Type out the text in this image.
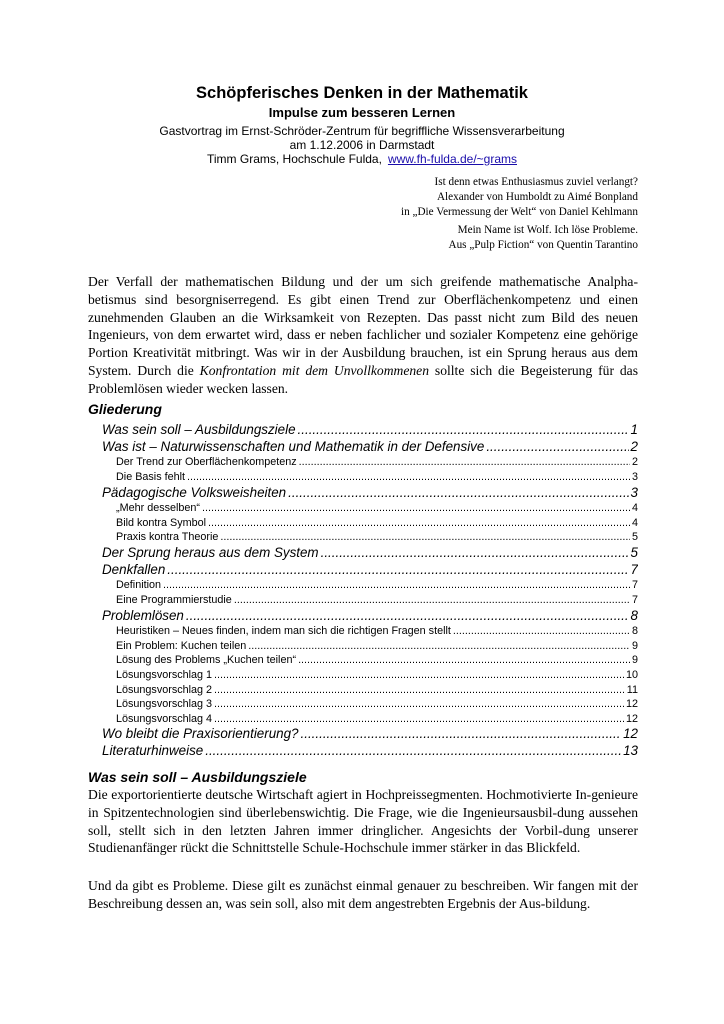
Schöpferisches Denken in der Mathematik
Impulse zum besseren Lernen
Gastvortrag im Ernst-Schröder-Zentrum für begriffliche Wissensverarbeitung
am 1.12.2006 in Darmstadt
Timm Grams, Hochschule Fulda, www.fh-fulda.de/~grams
Ist denn etwas Enthusiasmus zuviel verlangt?
Alexander von Humboldt zu Aimé Bonpland
in „Die Vermessung der Welt“ von Daniel Kehlmann
Mein Name ist Wolf. Ich löse Probleme.
Aus „Pulp Fiction“ von Quentin Tarantino
Der Verfall der mathematischen Bildung und der um sich greifende mathematische Analpha-betismus sind besorgniserregend. Es gibt einen Trend zur Oberflächenkompetenz und einen zunehmenden Glauben an die Wirksamkeit von Rezepten. Das passt nicht zum Bild des neuen Ingenieurs, von dem erwartet wird, dass er neben fachlicher und sozialer Kompetenz eine gehörige Portion Kreativität mitbringt. Was wir in der Ausbildung brauchen, ist ein Sprung heraus aus dem System. Durch die Konfrontation mit dem Unvollkommenen sollte sich die Begeisterung für das Problemlösen wieder wecken lassen.
Gliederung
Was sein soll – Ausbildungsziele .....	1
Was ist – Naturwissenschaften und Mathematik in der Defensive .....	2
Der Trend zur Oberflächenkompetenz .....	2
Die Basis fehlt .....	3
Pädagogische Volksweisheiten .....	3
„Mehr desselben“ .....	4
Bild kontra Symbol .....	4
Praxis kontra Theorie .....	5
Der Sprung heraus aus dem System .....	5
Denkfallen .....	7
Definition .....	7
Eine Programmierstudie .....	7
Problemlösen .....	8
Heuristiken – Neues finden, indem man sich die richtigen Fragen stellt .....	8
Ein Problem: Kuchen teilen .....	9
Lösung des Problems „Kuchen teilen“ .....	9
Lösungsvorschlag 1 .....	10
Lösungsvorschlag 2 .....	11
Lösungsvorschlag 3 .....	12
Lösungsvorschlag 4 .....	12
Wo bleibt die Praxisorientierung? .....	12
Literaturhinweise .....	13
Was sein soll – Ausbildungsziele
Die exportorientierte deutsche Wirtschaft agiert in Hochpreissegmenten. Hochmotivierte In-genieure in Spitzentechnologien sind überlebenswichtig. Die Frage, wie die Ingenieursausbil-dung aussehen soll, stellt sich in den letzten Jahren immer dringlicher. Angesichts der Vorbil-dung unserer Studienanfänger rückt die Schnittstelle Schule-Hochschule immer stärker in das Blickfeld.
Und da gibt es Probleme. Diese gilt es zunächst einmal genauer zu beschreiben. Wir fangen mit der Beschreibung dessen an, was sein soll, also mit dem angestrebten Ergebnis der Aus-bildung.
